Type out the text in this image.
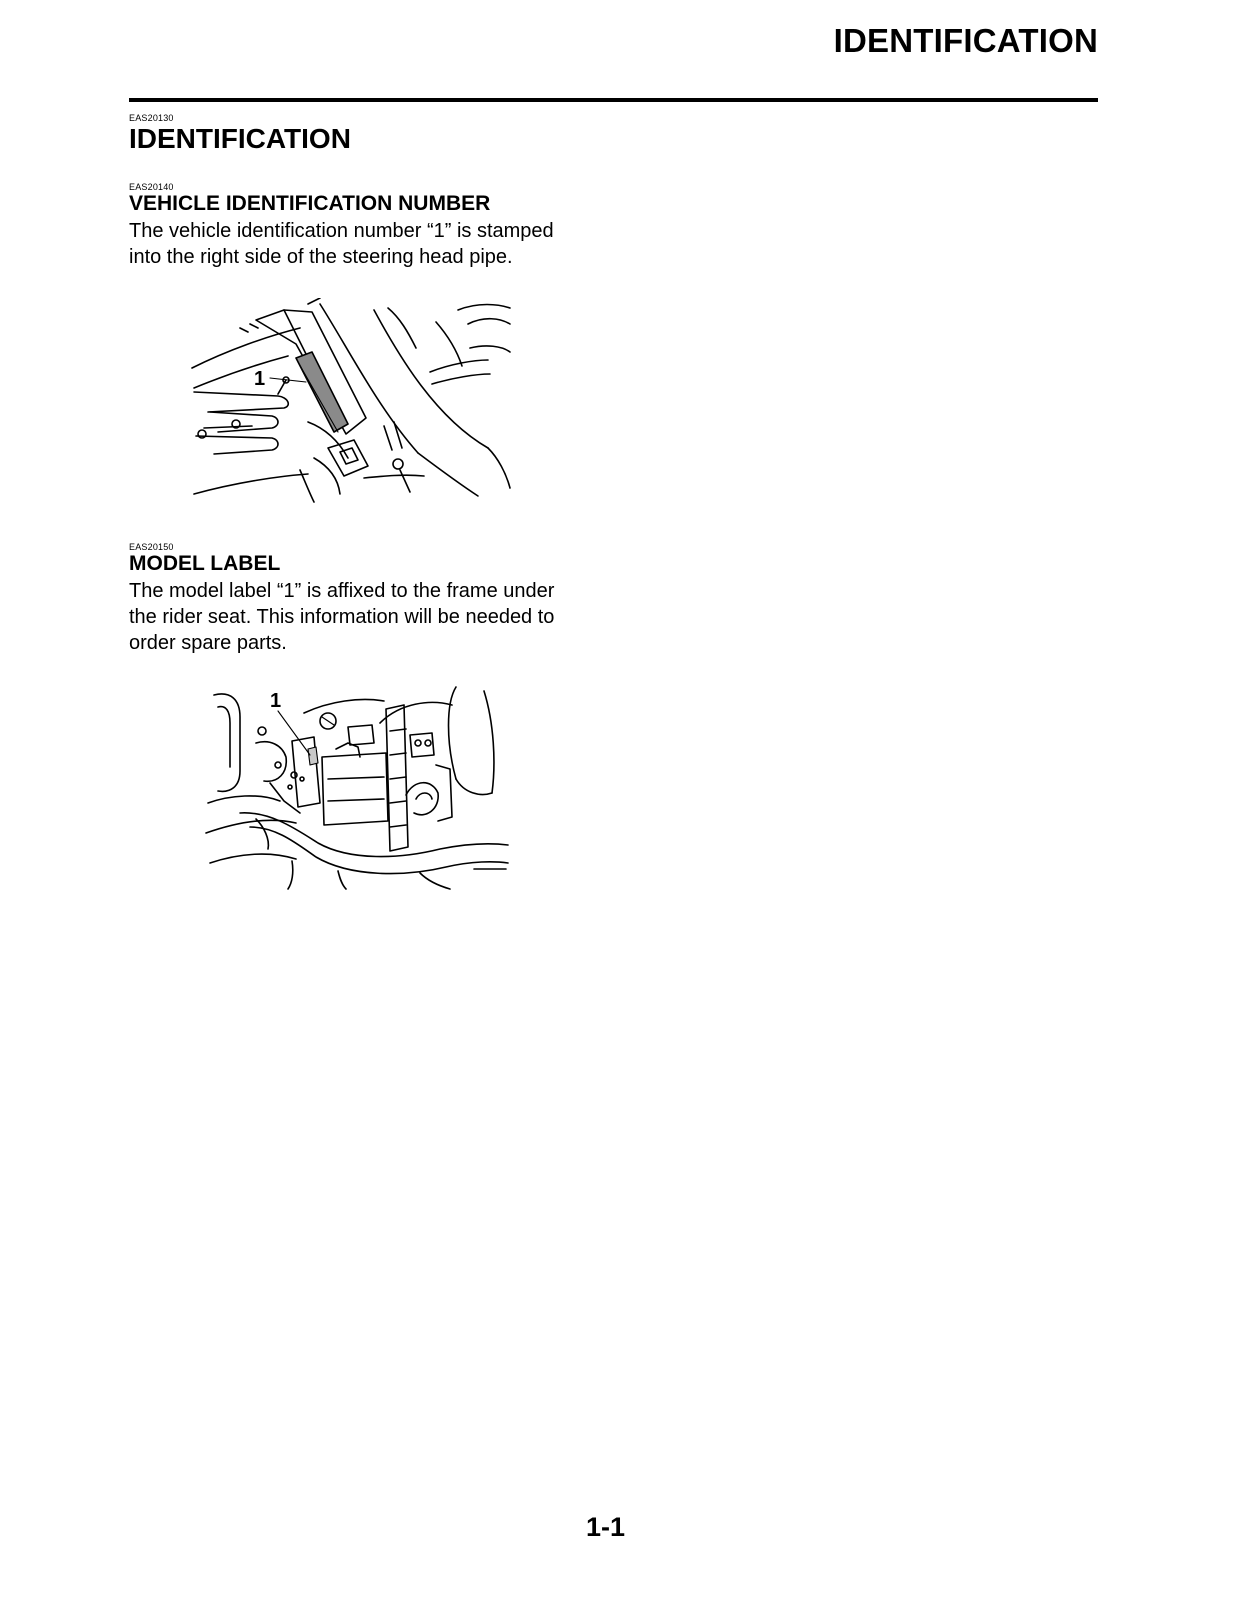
IDENTIFICATION
EAS20130
IDENTIFICATION
EAS20140
VEHICLE IDENTIFICATION NUMBER
The vehicle identification number “1” is stamped
into the right side of the steering head pipe.
1
EAS20150
MODEL LABEL
The model label “1” is affixed to the frame under
the rider seat. This information will be needed to
order spare parts.
1
1-1
